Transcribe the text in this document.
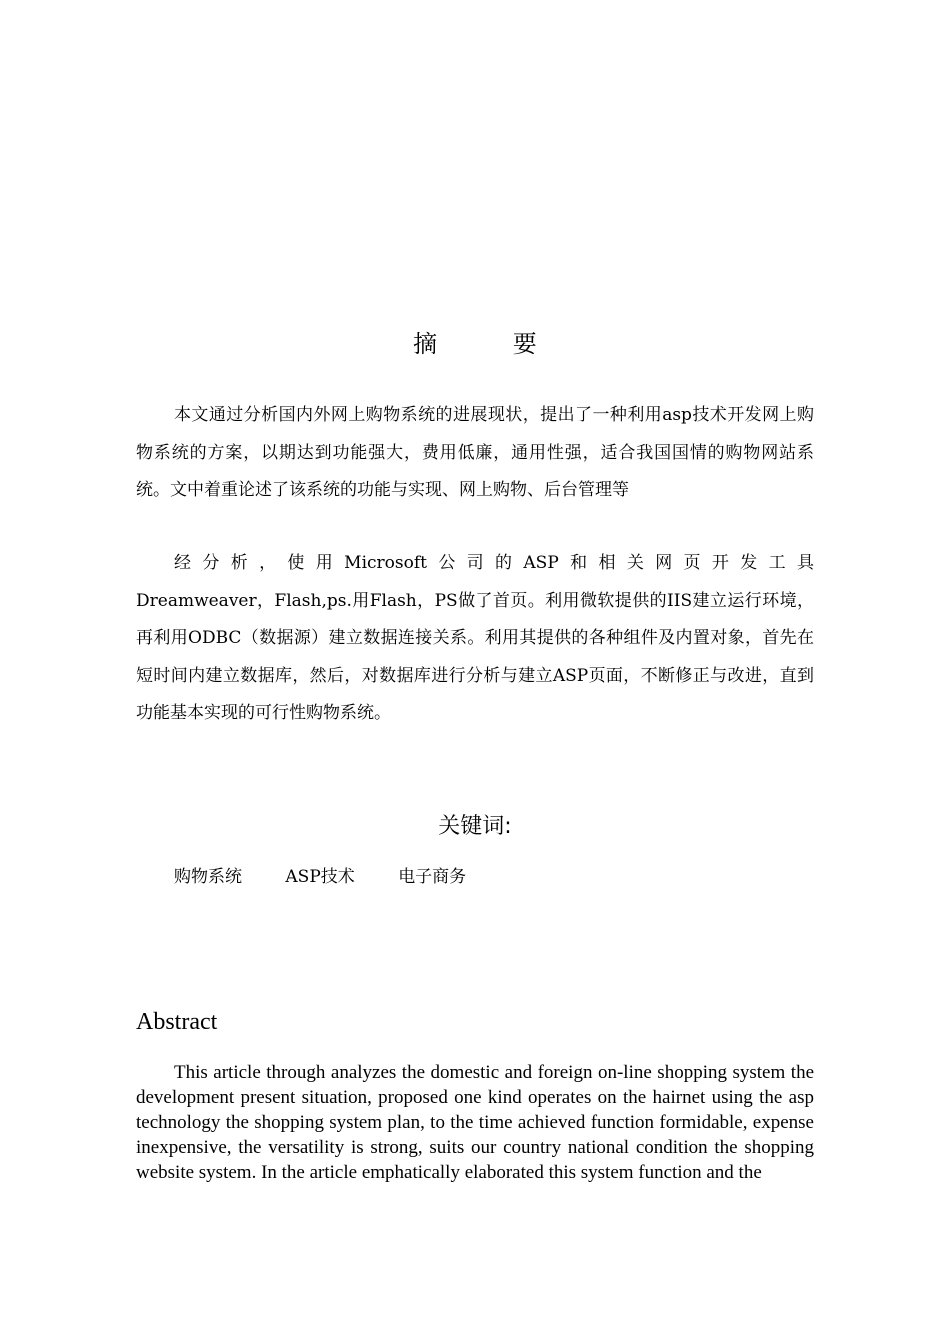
摘 要
本文通过分析国内外网上购物系统的进展现状，提出了一种利用asp技术开发网上购物系统的方案，以期达到功能强大，费用低廉，通用性强，适合我国国情的购物网站系统。文中着重论述了该系统的功能与实现、网上购物、后台管理等
经分析，使用Microsoft公司的ASP和相关网页开发工具
Dreamweaver，Flash,ps.用Flash，PS做了首页。利用微软提供的IIS建立运行环境，再利用ODBC（数据源）建立数据连接关系。利用其提供的各种组件及内置对象，首先在短时间内建立数据库，然后，对数据库进行分析与建立ASP页面，不断修正与改进，直到功能基本实现的可行性购物系统。
关键词:
购物系统	ASP技术	电子商务
Abstract
This article through analyzes the domestic and foreign on-line shopping system the development present situation, proposed one kind operates on the hairnet using the asp technology the shopping system plan, to the time achieved function formidable, expense inexpensive, the versatility is strong, suits our country national condition the shopping website system. In the article emphatically elaborated this system function and the
